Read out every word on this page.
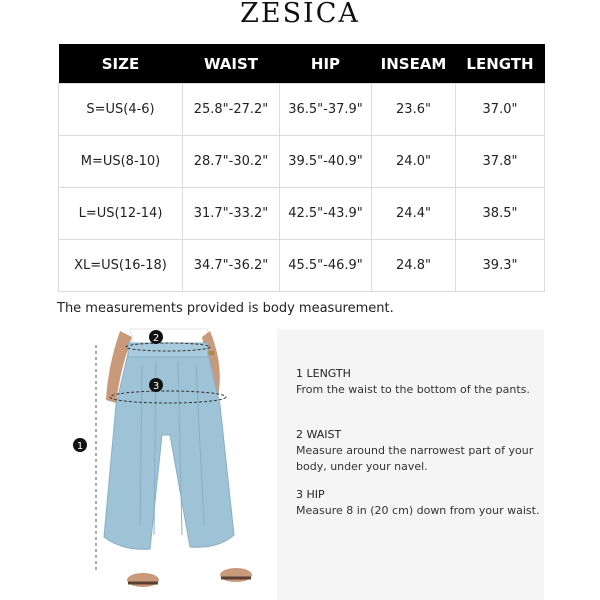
ZESICA
SIZE	WAIST	HIP	INSEAM	LENGTH
S=US(4-6)	25.8"-27.2"	36.5"-37.9"	23.6"	37.0"
M=US(8-10)	28.7"-30.2"	39.5"-40.9"	24.0"	37.8"
L=US(12-14)	31.7"-33.2"	42.5"-43.9"	24.4"	38.5"
XL=US(16-18)	34.7"-36.2"	45.5"-46.9"	24.8"	39.3"
The measurements provided is body measurement.
1
2
3
1 LENGTH
From the waist to the bottom of the pants.
2 WAIST
Measure around the narrowest part of your body, under your navel.
3 HIP
Measure 8 in (20 cm) down from your waist.
